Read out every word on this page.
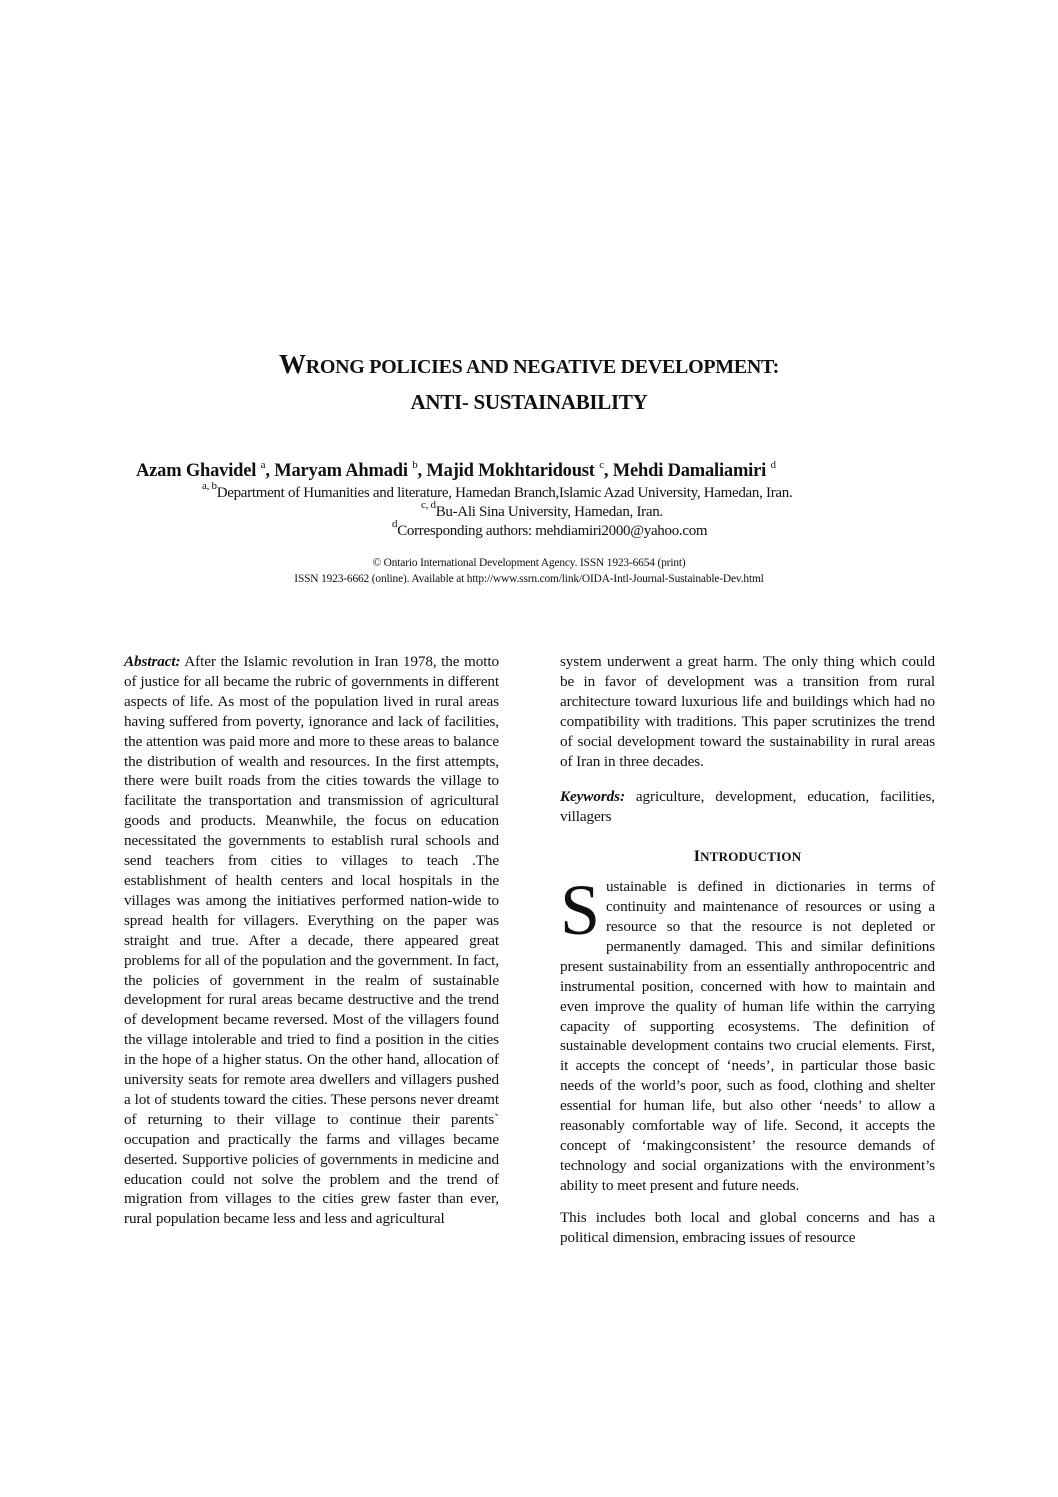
WRONG POLICIES AND NEGATIVE DEVELOPMENT:
ANTI- SUSTAINABILITY
Azam Ghavidel $^a$, Maryam Ahmadi $^b$, Majid Mokhtaridoust $^c$, Mehdi Damaliamiri $^d$
$^{a, b}$Department of Humanities and literature, Hamedan Branch,Islamic Azad University, Hamedan, Iran.
$^{c, d}$Bu-Ali Sina University, Hamedan, Iran.
$^d$Corresponding authors: mehdiamiri2000@yahoo.com
© Ontario International Development Agency. ISSN 1923-6654 (print)
ISSN 1923-6662 (online). Available at http://www.ssrn.com/link/OIDA-Intl-Journal-Sustainable-Dev.html

Abstract: After the Islamic revolution in Iran 1978, the motto of justice for all became the rubric of governments in different aspects of life. As most of the population lived in rural areas having suffered from poverty, ignorance and lack of facilities, the attention was paid more and more to these areas to balance the distribution of wealth and resources. In the first attempts, there were built roads from the cities towards the village to facilitate the transportation and transmission of agricultural goods and products. Meanwhile, the focus on education necessitated the governments to establish rural schools and send teachers from cities to villages to teach .The establishment of health centers and local hospitals in the villages was among the initiatives performed nation-wide to spread health for villagers. Everything on the paper was straight and true. After a decade, there appeared great problems for all of the population and the government. In fact, the policies of government in the realm of sustainable development for rural areas became destructive and the trend of development became reversed. Most of the villagers found the village intolerable and tried to find a position in the cities in the hope of a higher status. On the other hand, allocation of university seats for remote area dwellers and villagers pushed a lot of students toward the cities. These persons never dreamt of returning to their village to continue their parents` occupation and practically the farms and villages became deserted. Supportive policies of governments in medicine and education could not solve the problem and the trend of migration from villages to the cities grew faster than ever, rural population became less and less and agricultural

system underwent a great harm. The only thing which could be in favor of development was a transition from rural architecture toward luxurious life and buildings which had no compatibility with traditions. This paper scrutinizes the trend of social development toward the sustainability in rural areas of Iran in three decades.

Keywords: agriculture, development, education, facilities, villagers

INTRODUCTION

Sustainable is defined in dictionaries in terms of continuity and maintenance of resources or using a resource so that the resource is not depleted or permanently damaged. This and similar definitions present sustainability from an essentially anthropocentric and instrumental position, concerned with how to maintain and even improve the quality of human life within the carrying capacity of supporting ecosystems. The definition of sustainable development contains two crucial elements. First, it accepts the concept of ‘needs’, in particular those basic needs of the world’s poor, such as food, clothing and shelter essential for human life, but also other ‘needs’ to allow a reasonably comfortable way of life. Second, it accepts the concept of ‘makingconsistent’ the resource demands of technology and social organizations with the environment’s ability to meet present and future needs.

This includes both local and global concerns and has a political dimension, embracing issues of resource
